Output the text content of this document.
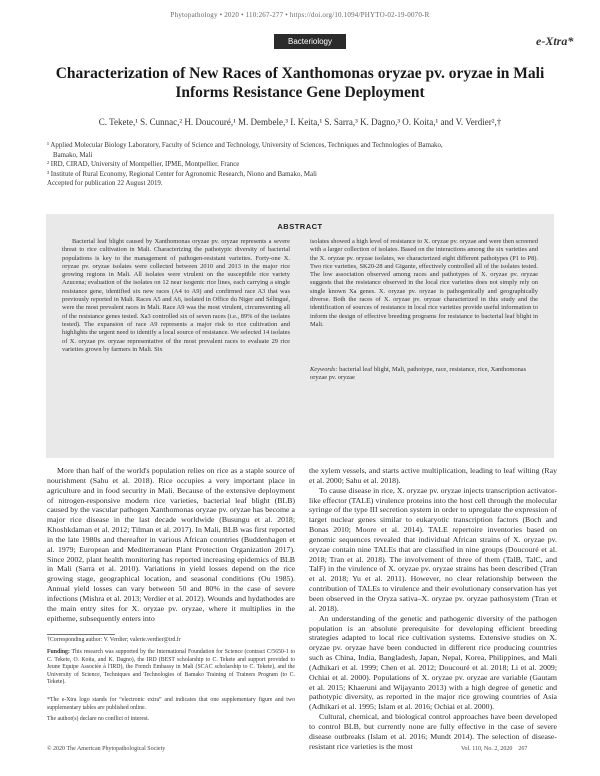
Phytopathology • 2020 • 110:267-277 • https://doi.org/10.1094/PHYTO-02-19-0070-R
Bacteriology	e-Xtra*
Characterization of New Races of Xanthomonas oryzae pv. oryzae in Mali Informs Resistance Gene Deployment
C. Tekete,¹ S. Cunnac,² H. Doucouré,¹ M. Dembele,³ I. Keita,¹ S. Sarra,³ K. Dagno,³ O. Koita,¹ and V. Verdier²,†
¹ Applied Molecular Biology Laboratory, Faculty of Science and Technology, University of Sciences, Techniques and Technologies of Bamako,
Bamako, Mali
² IRD, CIRAD, University of Montpellier, IPME, Montpellier, France
³ Institute of Rural Economy, Regional Center for Agronomic Research, Niono and Bamako, Mali
Accepted for publication 22 August 2019.
ABSTRACT
Bacterial leaf blight caused by Xanthomonas oryzae pv. oryzae represents a severe threat to rice cultivation in Mali. Characterizing the pathotypic diversity of bacterial populations is key to the management of pathogen-resistant varieties. Forty-one X. oryzae pv. oryzae isolates were collected between 2010 and 2013 in the major rice growing regions in Mali. All isolates were virulent on the susceptible rice variety Azucena; evaluation of the isolates on 12 near isogenic rice lines, each carrying a single resistance gene, identified six new races (A4 to A9) and confirmed race A3 that was previously reported in Mali. Races A5 and A6, isolated in Office du Niger and Sélingué, were the most prevalent races in Mali. Race A9 was the most virulent, circumventing all of the resistance genes tested. Xa3 controlled six of seven races (i.e., 89% of the isolates tested). The expansion of race A9 represents a major risk to rice cultivation and highlights the urgent need to identify a local source of resistance. We selected 14 isolates of X. oryzae pv. oryzae representative of the most prevalent races to evaluate 29 rice varieties grown by farmers in Mali. Six
isolates showed a high level of resistance to X. oryzae pv. oryzae and were then screened with a larger collection of isolates. Based on the interactions among the six varieties and the X. oryzae pv. oryzae isolates, we characterized eight different pathotypes (P1 to P8). Two rice varieties, SK20-28 and Gigante, effectively controlled all of the isolates tested. The low association observed among races and pathotypes of X. oryzae pv. oryzae suggests that the resistance observed in the local rice varieties does not simply rely on single known Xa genes. X. oryzae pv. oryzae is pathogenically and geographically diverse. Both the races of X. oryzae pv. oryzae characterized in this study and the identification of sources of resistance in local rice varieties provide useful information to inform the design of effective breeding programs for resistance to bacterial leaf blight in Mali.
Keywords: bacterial leaf blight, Mali, pathotype, race, resistance, rice, Xanthomonas oryzae pv. oryzae

More than half of the world's population relies on rice as a staple source of nourishment (Sahu et al. 2018). Rice occupies a very important place in agriculture and in food security in Mali. Because of the extensive deployment of nitrogen-responsive modern rice varieties, bacterial leaf blight (BLB) caused by the vascular pathogen Xanthomonas oryzae pv. oryzae has become a major rice disease in the last decade worldwide (Busungu et al. 2018; Khoshkdaman et al. 2012; Tilman et al. 2017). In Mali, BLB was first reported in the late 1980s and thereafter in various African countries (Buddenhagen et al. 1979; European and Mediterranean Plant Protection Organization 2017). Since 2002, plant health monitoring has reported increasing epidemics of BLB in Mali (Sarra et al. 2010). Variations in yield losses depend on the rice growing stage, geographical location, and seasonal conditions (Ou 1985). Annual yield losses can vary between 50 and 80% in the case of severe infections (Mishra et al. 2013; Verdier et al. 2012). Wounds and hydathodes are the main entry sites for X. oryzae pv. oryzae, where it multiplies in the epitheme, subsequently enters into

the xylem vessels, and starts active multiplication, leading to leaf wilting (Ray et al. 2000; Sahu et al. 2018).

To cause disease in rice, X. oryzae pv. oryzae injects transcription activator-like effector (TALE) virulence proteins into the host cell through the molecular syringe of the type III secretion system in order to upregulate the expression of target nuclear genes similar to eukaryotic transcription factors (Boch and Bonas 2010; Moore et al. 2014). TALE repertoire inventories based on genomic sequences revealed that individual African strains of X. oryzae pv. oryzae contain nine TALEs that are classified in nine groups (Doucouré et al. 2018; Tran et al. 2018). The involvement of three of them (TalB, TalC, and TalF) in the virulence of X. oryzae pv. oryzae strains has been described (Tran et al. 2018; Yu et al. 2011). However, no clear relationship between the contribution of TALEs to virulence and their evolutionary conservation has yet been observed in the Oryza sativa–X. oryzae pv. oryzae pathosystem (Tran et al. 2018).

An understanding of the genetic and pathogenic diversity of the pathogen population is an absolute prerequisite for developing efficient breeding strategies adapted to local rice cultivation systems. Extensive studies on X. oryzae pv. oryzae have been conducted in different rice producing countries such as China, India, Bangladesh, Japan, Nepal, Korea, Philippines, and Mali (Adhikari et al. 1999; Chen et al. 2012; Doucouré et al. 2018; Li et al. 2009; Ochiai et al. 2000). Populations of X. oryzae pv. oryzae are variable (Gautam et al. 2015; Khaeruni and Wijayanto 2013) with a high degree of genetic and pathotypic diversity, as reported in the major rice growing countries of Asia (Adhikari et al. 1995; Islam et al. 2016; Ochiai et al. 2000).

Cultural, chemical, and biological control approaches have been developed to control BLB, but currently none are fully effective in the case of severe disease outbreaks (Islam et al. 2016; Mundt 2014). The selection of disease-resistant rice varieties is the most

†Corresponding author: V. Verdier; valerie.verdier@ird.fr
Funding: This research was supported by the International Foundation for Science (contract C/5650-1 to C. Tekete, O. Koita, and K. Dagno), the IRD (BEST scholarship to C. Tekete and support provided to Jeune Equipe Associée à l'IRD), the French Embassy in Mali (SCAC scholarship to C. Tekete), and the University of Science, Techniques and Technologies of Bamako Training of Trainers Program (to C. Tekete).
*The e-Xtra logo stands for “electronic extra” and indicates that one supplementary figure and two supplementary tables are published online.
The author(s) declare no conflict of interest.
© 2020 The American Phytopathological Society	Vol. 110, No. 2, 2020    267
